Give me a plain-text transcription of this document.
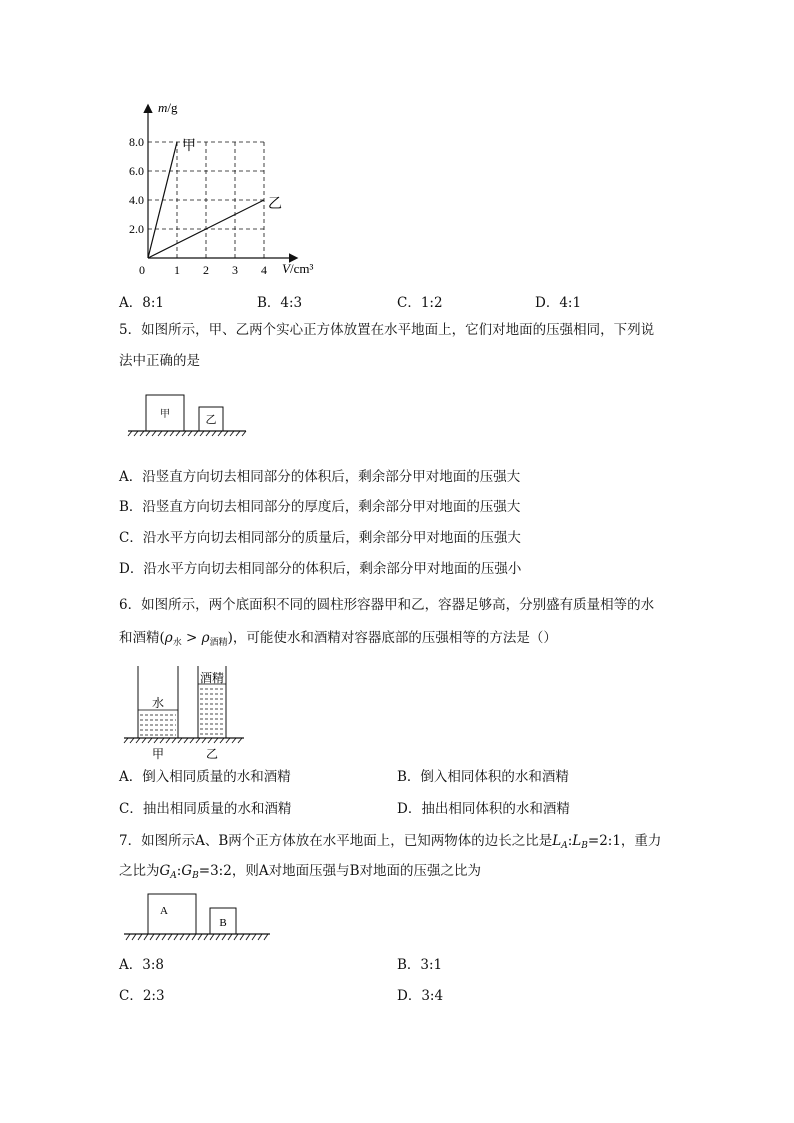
8.0
6.0
4.0
2.0
0 1 2 3 4
m/g
V/cm³
甲
乙
A．8:1	B．4:3	C．1:2	D．4:1
5．如图所示，甲、乙两个实心正方体放置在水平地面上，它们对地面的压强相同，下列说
法中正确的是
甲	乙
A．沿竖直方向切去相同部分的体积后，剩余部分甲对地面的压强大
B．沿竖直方向切去相同部分的厚度后，剩余部分甲对地面的压强大
C．沿水平方向切去相同部分的质量后，剩余部分甲对地面的压强大
D．沿水平方向切去相同部分的体积后，剩余部分甲对地面的压强小
6．如图所示，两个底面积不同的圆柱形容器甲和乙，容器足够高，分别盛有质量相等的水
和酒精$(\rho_水 > \rho_{酒精})$，可能使水和酒精对容器底部的压强相等的方法是（）
水
酒精
甲	乙
A．倒入相同质量的水和酒精	B．倒入相同体积的水和酒精
C．抽出相同质量的水和酒精	D．抽出相同体积的水和酒精
7．如图所示A、B两个正方体放在水平地面上，已知两物体的边长之比是$L_A:L_B=2:1$，重力
之比为$G_A:G_B=3:2$，则A对地面压强与B对地面的压强之比为
A
B
A．3:8	B．3:1
C．2:3	D．3:4
